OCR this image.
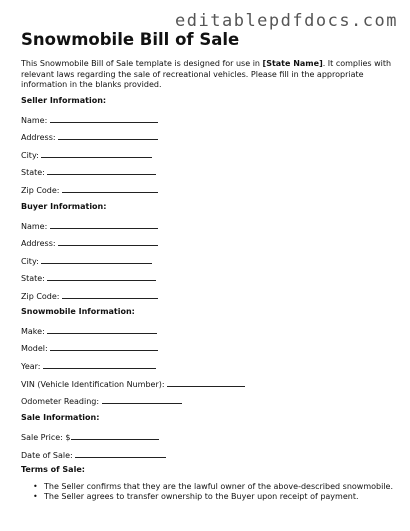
editablepdfdocs.com
Snowmobile Bill of Sale

This Snowmobile Bill of Sale template is designed for use in [State Name]. It complies with relevant laws regarding the sale of recreational vehicles. Please fill in the appropriate information in the blanks provided.

Seller Information:
Name:
Address:
City:
State:
Zip Code:
Buyer Information:
Name:
Address:
City:
State:
Zip Code:
Snowmobile Information:
Make:
Model:
Year:
VIN (Vehicle Identification Number):
Odometer Reading:
Sale Information:
Sale Price: $
Date of Sale:
Terms of Sale:
• The Seller confirms that they are the lawful owner of the above-described snowmobile.
• The Seller agrees to transfer ownership to the Buyer upon receipt of payment.
